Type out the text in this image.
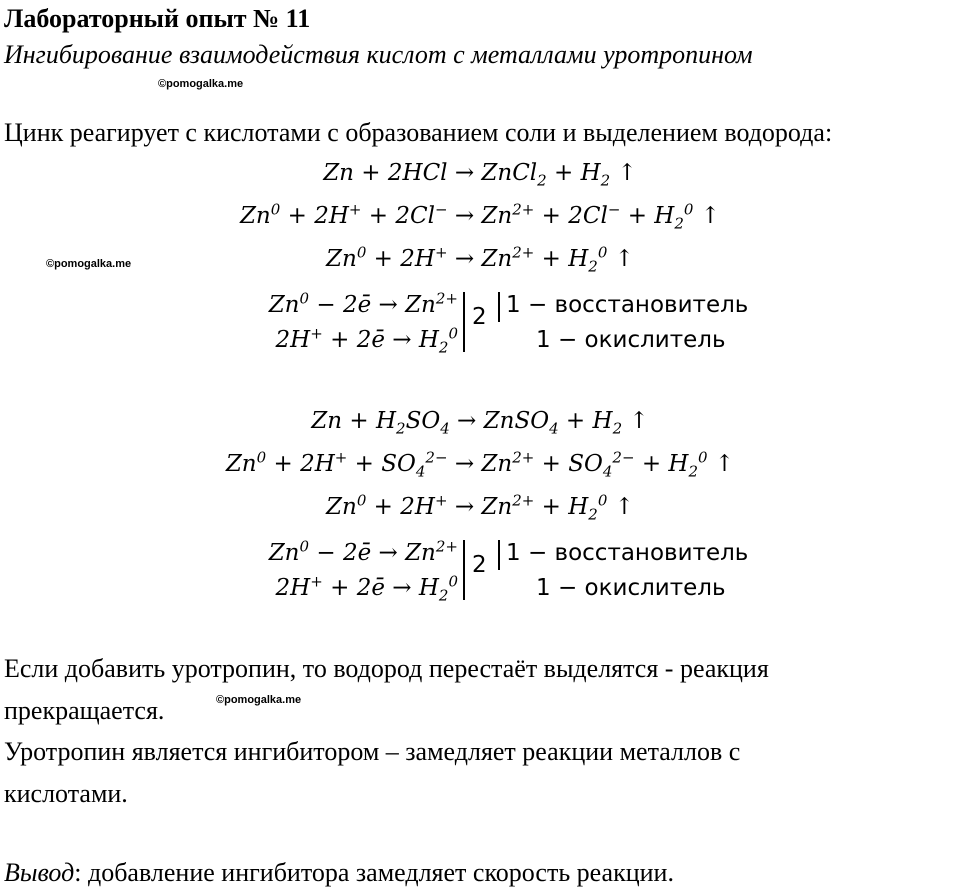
Лабораторный опыт № 11
Ингибирование взаимодействия кислот с металлами уротропином
©pomogalka.me
Цинк реагирует с кислотами с образованием соли и выделением водорода:
Zn + 2HCl → ZnCl$_2$ + $H_2$ ↑
$Zn^0 + 2H^+ + 2Cl^- \to Zn^{2+} + 2Cl^- + H_2^0$ ↑
©pomogalka.me	$Zn^0 + 2H^+ \to Zn^{2+} + H_2^0$ ↑
$Zn^0$ − 2ē → $Zn^{2+}$
2H+ + 2ē → $H_2^0$
2 1 − восстановитель
1 − окислитель
$Zn + H_2SO_4$ → ZnSO$_4$ + $H_2$ ↑
$Zn^0 + 2H^+ + SO_4^{2-} \to Zn^{2+} + SO_4^{2-} + H_2^0$ ↑
$Zn^0 + 2H^+ \to Zn^{2+} + H_2^0$ ↑
$Zn^0$ − 2ē → $Zn^{2+}$
2H+ + 2ē → $H_2^0$
2 1 − восстановитель
1 − окислитель
Если добавить уротропин, то водород перестаёт выделятся - реакция
прекращается.	©pomogalka.me
Уротропин является ингибитором – замедляет реакции металлов с
кислотами.
Вывод: добавление ингибитора замедляет скорость реакции.
